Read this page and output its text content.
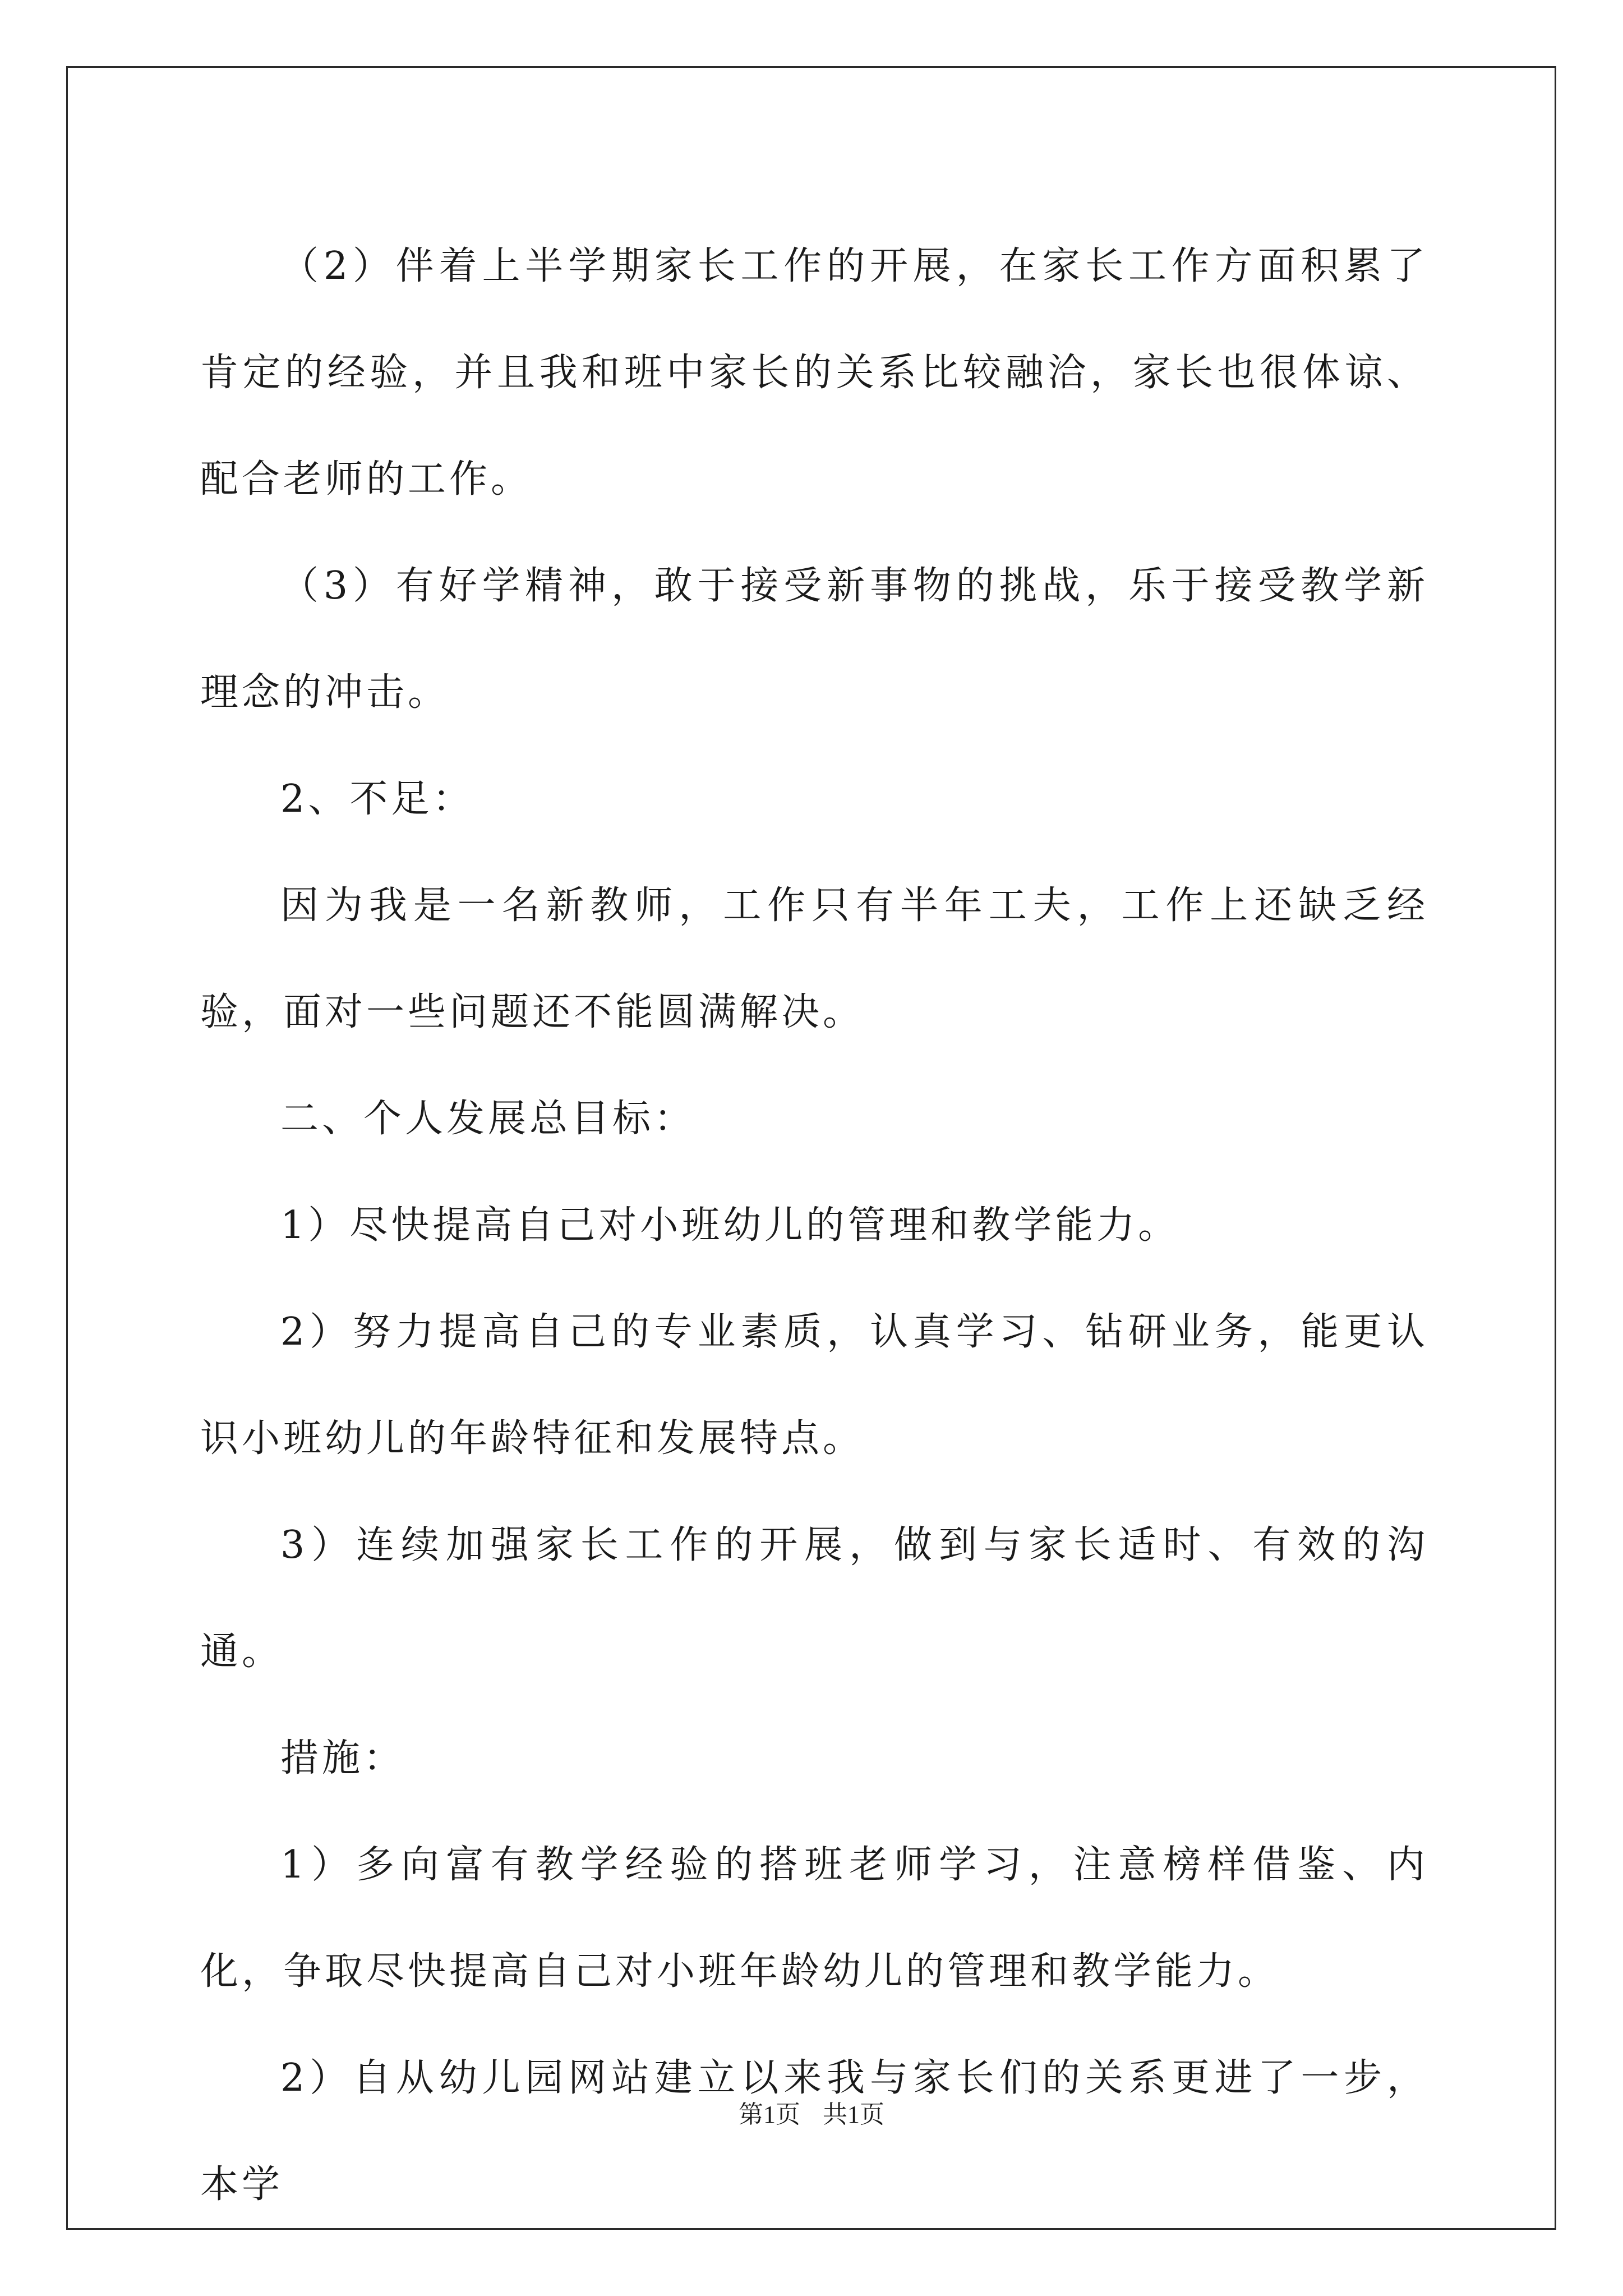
（2）伴着上半学期家长工作的开展，在家长工作方面积累了肯定的经验，并且我和班中家长的关系比较融洽，家长也很体谅、配合老师的工作。

（3）有好学精神，敢于接受新事物的挑战，乐于接受教学新理念的冲击。

2、不足：

因为我是一名新教师，工作只有半年工夫，工作上还缺乏经验，面对一些问题还不能圆满解决。

二、个人发展总目标：

1）尽快提高自己对小班幼儿的管理和教学能力。

2）努力提高自己的专业素质，认真学习、钻研业务，能更认识小班幼儿的年龄特征和发展特点。

3）连续加强家长工作的开展，做到与家长适时、有效的沟通。

措施：

1）多向富有教学经验的搭班老师学习，注意榜样借鉴、内化，争取尽快提高自己对小班年龄幼儿的管理和教学能力。

2）自从幼儿园网站建立以来我与家长们的关系更进了一步，本学

第1页 共1页
